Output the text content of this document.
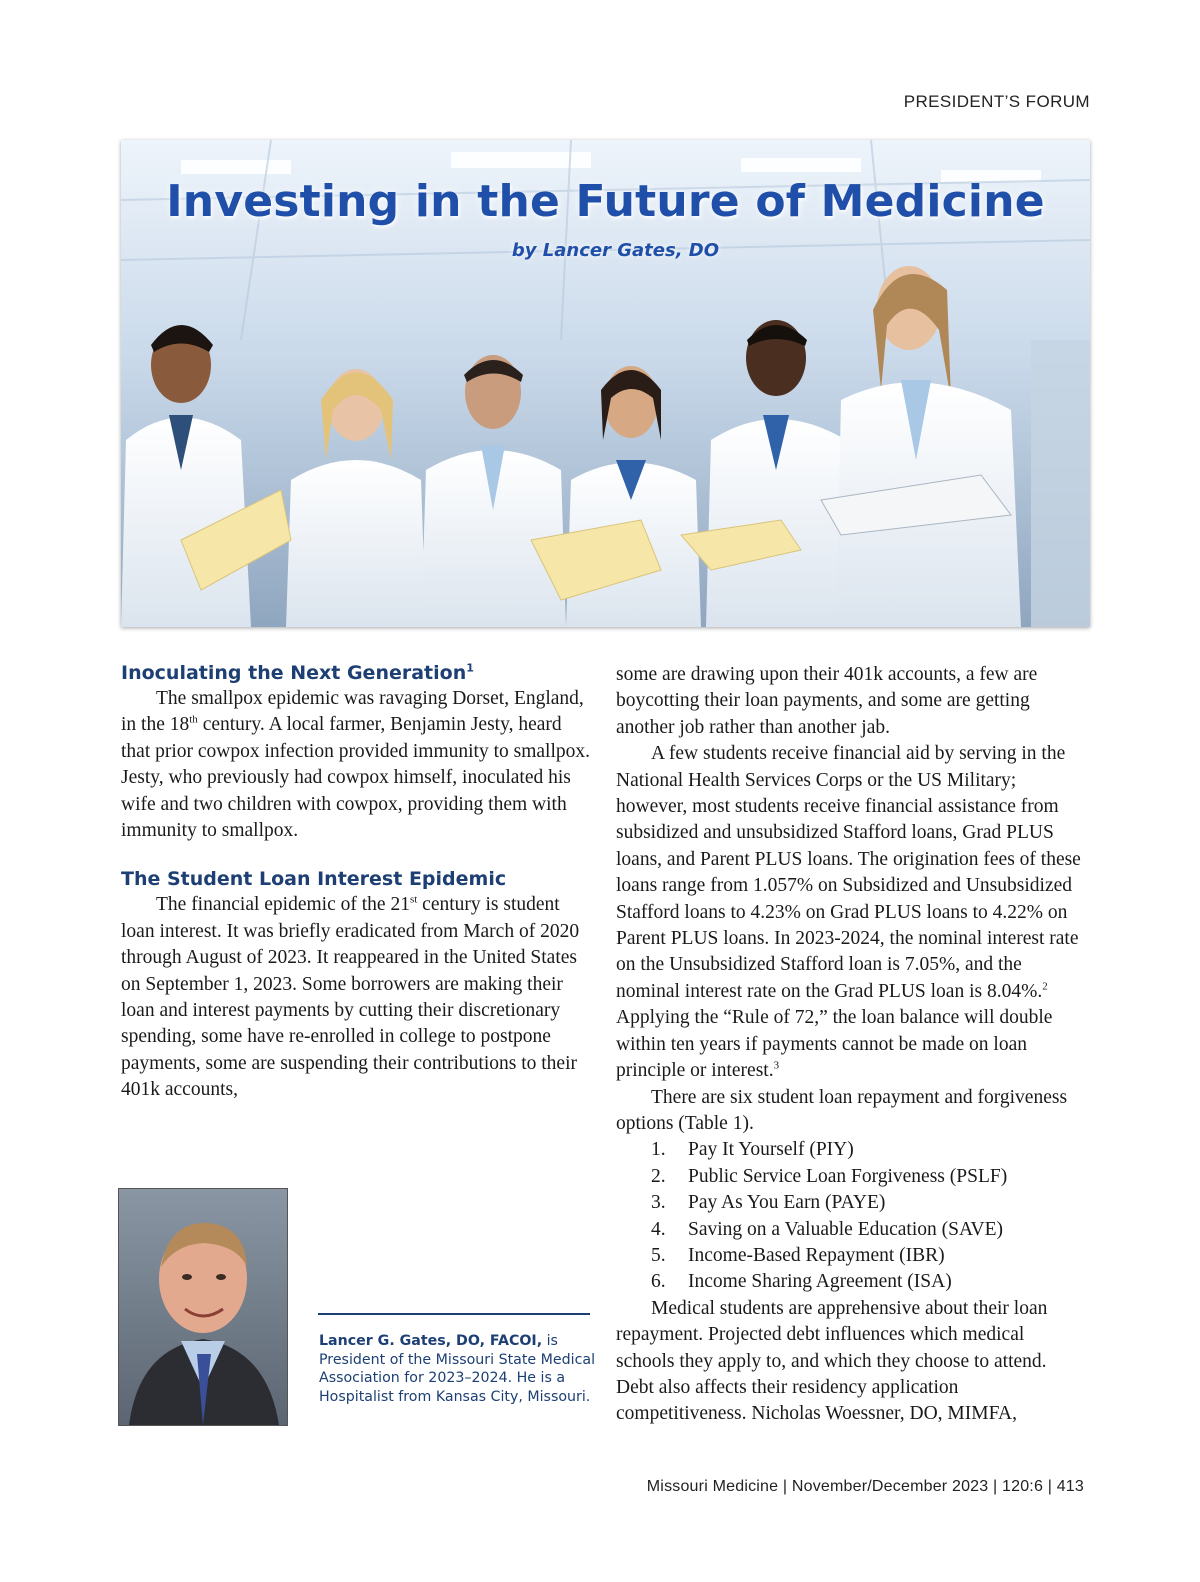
PRESIDENT’S FORUM
Investing in the Future of Medicine
by Lancer Gates, DO

Inoculating the Next Generation$^1$

The smallpox epidemic was ravaging Dorset, England, in the 18th century. A local farmer, Benjamin Jesty, heard that prior cowpox infection provided immunity to smallpox. Jesty, who previously had cowpox himself, inoculated his wife and two children with cowpox, providing them with immunity to smallpox.

The Student Loan Interest Epidemic

The financial epidemic of the 21st century is student loan interest. It was briefly eradicated from March of 2020 through August of 2023. It reappeared in the United States on September 1, 2023. Some borrowers are making their loan and interest payments by cutting their discretionary spending, some have re-enrolled in college to postpone payments, some are suspending their contributions to their 401k accounts,

some are drawing upon their 401k accounts, a few are boycotting their loan payments, and some are getting another job rather than another jab.

A few students receive financial aid by serving in the National Health Services Corps or the US Military; however, most students receive financial assistance from subsidized and unsubsidized Stafford loans, Grad PLUS loans, and Parent PLUS loans. The origination fees of these loans range from 1.057% on Subsidized and Unsubsidized Stafford loans to 4.23% on Grad PLUS loans to 4.22% on Parent PLUS loans. In 2023-2024, the nominal interest rate on the Unsubsidized Stafford loan is 7.05%, and the nominal interest rate on the Grad PLUS loan is 8.04%.$^2$ Applying the “Rule of 72,” the loan balance will double within ten years if payments cannot be made on loan principle or interest.$^3$

There are six student loan repayment and forgiveness options (Table 1).

1. Pay It Yourself (PIY)
2. Public Service Loan Forgiveness (PSLF)
3. Pay As You Earn (PAYE)
4. Saving on a Valuable Education (SAVE)
5. Income-Based Repayment (IBR)
6. Income Sharing Agreement (ISA)

Medical students are apprehensive about their loan repayment. Projected debt influences which medical schools they apply to, and which they choose to attend. Debt also affects their residency application competitiveness. Nicholas Woessner, DO, MIMFA,

Lancer G. Gates, DO, FACOI, is President of the Missouri State Medical Association for 2023–2024. He is a Hospitalist from Kansas City, Missouri.
Missouri Medicine | November/December 2023 | 120:6 | 413
